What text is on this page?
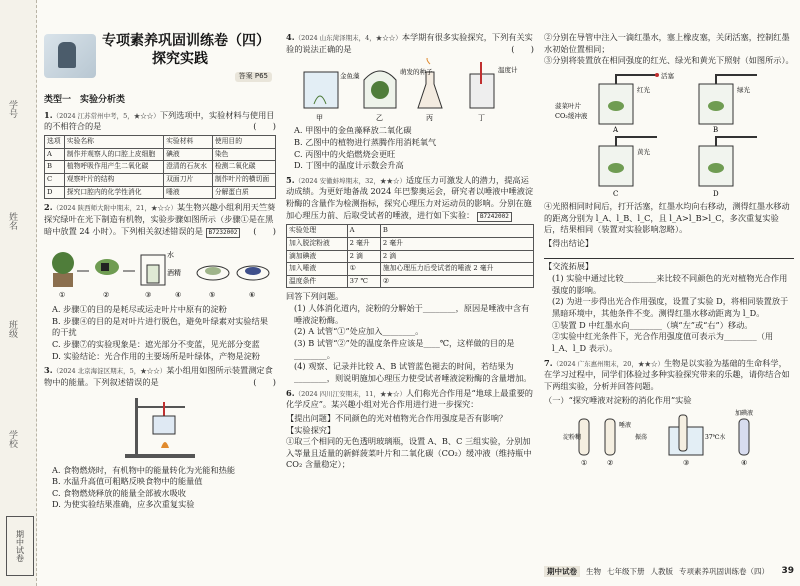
学号
姓名
班级
学校
期中试卷
专项素养巩固训练卷（四）
探究实践
答案 P65
类型一　实验分析类
1.（2024 江苏常州中考，5，★☆☆）下列选项中，实验材料与使用目的不相符合的是	(　　)
选项	实验名称	实验材料	使用目的
A	制作并观察人的口腔上皮细胞	碘液	染色
B	植物呼吸作用产生二氧化碳	澄清的石灰水	检测二氧化碳
C	观察叶片的结构	双面刀片	制作叶片的横切面
D	探究口腔内的化学性消化	唾液	分解蛋白质
2.（2024 陕西师大附中期末，21，★☆☆）某生物兴趣小组利用天竺葵探究绿叶在光下制造有机物，实验步骤如图所示（步骤①是在黑暗中放置 24 小时）。下列相关叙述错误的是 B7232002 (　　)
水
酒精
①	②	③	④	⑤	⑥
A. 步骤①的目的是耗尽或运走叶片中原有的淀粉
B. 步骤④的目的是对叶片进行脱色，避免叶绿素对实验结果的干扰
C. 步骤⑦的实验现象是：遮光部分不变蓝，见光部分变蓝
D. 实验结论：光合作用的主要场所是叶绿体，产物是淀粉
3.（2024 北京海淀区期末，5，★☆☆）某小组用如图所示装置测定食物中的能量。下列叙述错误的是	(　　)
A. 食物燃烧时，有机物中的能量转化为光能和热能
B. 水温升高值可粗略反映食物中的能量值
C. 食物燃烧释放的能量全部被水吸收
D. 为使实验结果准确，应多次重复实验
4.（2024 山东菏泽期末，4，★☆☆）本学期有很多实验探究，下列有关实验的说法正确的是	(　　)
金鱼藻	萌发的种子	温度计
甲	乙	丙	丁
A. 甲图中的金鱼藻释放二氧化碳
B. 乙图中的植物进行蒸腾作用消耗氧气
C. 丙图中的火焰燃烧会更旺
D. 丁图中的温度计示数会升高
5.（2024 安徽蚌埠期末，32，★★☆）适度压力可激发人的潜力，提高运动成绩。为更好地备战 2024 年巴黎奥运会，研究者以唾液中唾液淀粉酶的含量作为检测指标，探究心理压力对运动员的影响。分别在施加心理压力前、后取受试者的唾液，进行如下实验： B7242002
实验处理	A	B
加入脱淀粉液	2 毫升	2 毫升
滴加碘液	2 滴	2 滴
加入唾液	①	施加心理压力后受试者的唾液 2 毫升
温度条件	37 ℃	②
回答下列问题。
(1) 人体消化道内，淀粉的分解始于________，原因是唾液中含有唾液淀粉酶。
(2) A 试管“①”处应加入________。
(3) B 试管“②”处的温度条件应该是____℃，这样做的目的是________。
(4) 观察、记录并比较 A、B 试管蓝色褪去的时间，若结果为________，则说明施加心理压力使受试者唾液淀粉酶的含量增加。
6.（2024 四川江安期末，11，★★☆）人们称光合作用是“地球上最重要的化学反应”。某兴趣小组对光合作用进行进一步探究：
【提出问题】不同颜色的光对植物光合作用强度是否有影响？
【实验探究】
①取三个相同的无色透明玻璃瓶，设置 A、B、C 三组实验，分别加入等量且适量的新鲜菠菜叶片和二氧化碳（CO₂）缓冲液（维持瓶中 CO₂ 含量稳定）；
②分别在导管中注入一滴红墨水，塞上橡皮塞，关闭活塞，控制红墨水初始位置相同；
③分别将装置放在相同强度的红光、绿光和黄光下照射（如图所示）。
红光	绿光
黄光
活塞
菠菜叶片
CO₂缓冲液
A	B
C	D
④光照相同时间后，打开活塞，红墨水均向右移动，测得红墨水移动的距离分别为 l_A、l_B、l_C，且 l_A>l_B>l_C，多次重复实验后，结果相同（装置对实验影响忽略）。
【得出结论】
【交流拓展】
(1) 实验中通过比较________来比较不同颜色的光对植物光合作用强度的影响。
(2) 为进一步得出光合作用强度，设置了实验 D，将相同装置放于黑暗环境中，其他条件不变。测得红墨水移动距离为 l_D。
①装置 D 中红墨水向________（填“左”或“右”）移动。
②实验中红光条件下，光合作用强度值可表示为________（用 l_A、l_D 表示）。
7.（2024 广东惠州期末，20，★★☆）生物是以实验为基础的生命科学，在学习过程中，同学们体验过多种实验探究带来的乐趣，请你结合如下两组实验，分析并回答问题。
（一）“探究唾液对淀粉的消化作用”实验
淀粉糊
加碘液
振荡
唾液
37℃水
①	②	③	④
期中试卷	生物 七年级下册 人教版 专项素养巩固训练卷（四） 39
